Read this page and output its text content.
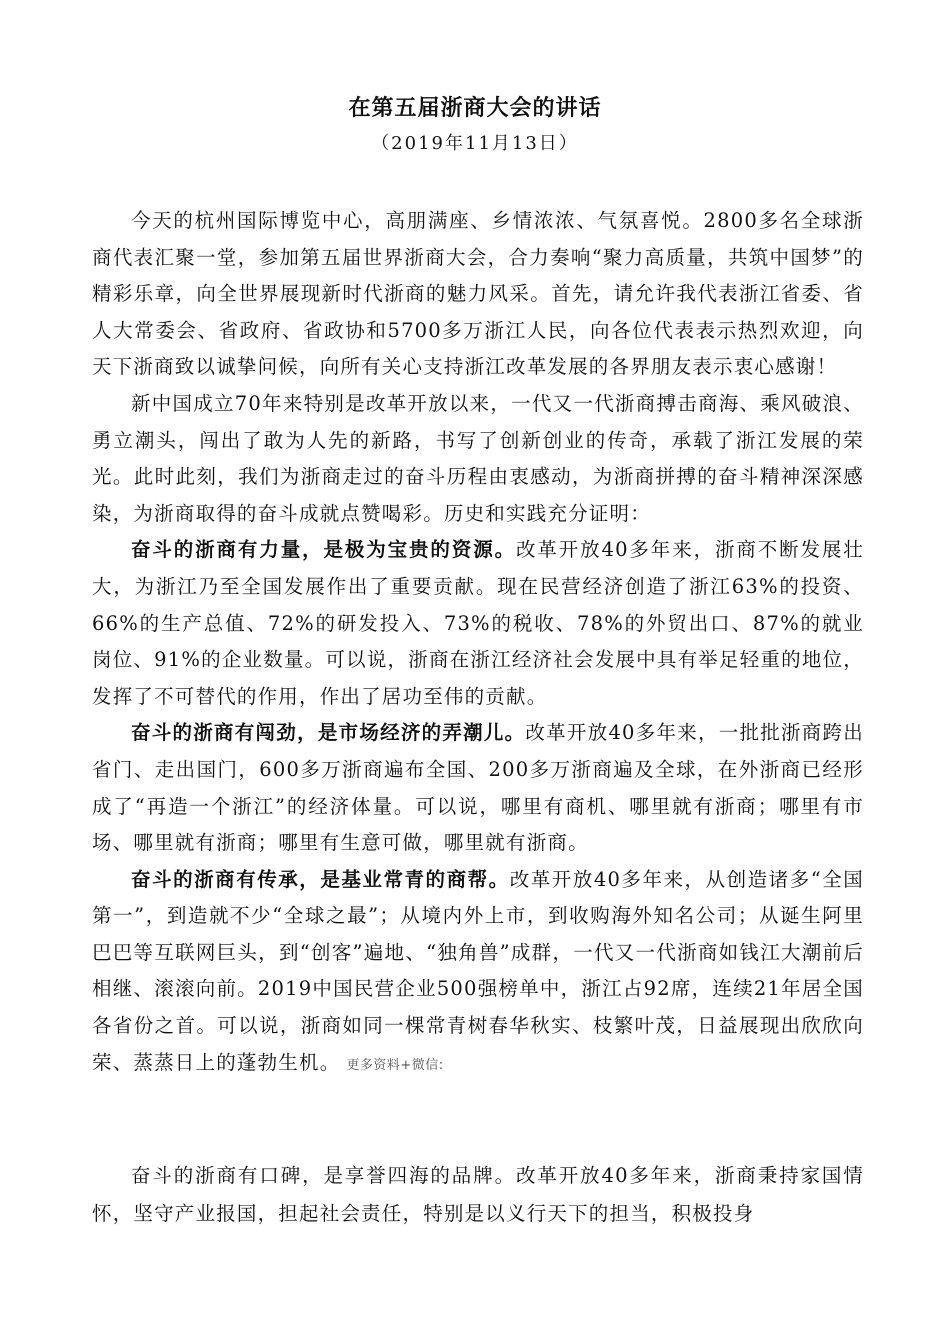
在第五届浙商大会的讲话
（2019年11月13日）

今天的杭州国际博览中心，高朋满座、乡情浓浓、气氛喜悦。2800多名全球浙商代表汇聚一堂，参加第五届世界浙商大会，合力奏响“聚力高质量，共筑中国梦”的精彩乐章，向全世界展现新时代浙商的魅力风采。首先，请允许我代表浙江省委、省人大常委会、省政府、省政协和5700多万浙江人民，向各位代表表示热烈欢迎，向天下浙商致以诚挚问候，向所有关心支持浙江改革发展的各界朋友表示衷心感谢！

新中国成立70年来特别是改革开放以来，一代又一代浙商搏击商海、乘风破浪、勇立潮头，闯出了敢为人先的新路，书写了创新创业的传奇，承载了浙江发展的荣光。此时此刻，我们为浙商走过的奋斗历程由衷感动，为浙商拼搏的奋斗精神深深感染，为浙商取得的奋斗成就点赞喝彩。历史和实践充分证明：

奋斗的浙商有力量，是极为宝贵的资源。改革开放40多年来，浙商不断发展壮大，为浙江乃至全国发展作出了重要贡献。现在民营经济创造了浙江63%的投资、66%的生产总值、72%的研发投入、73%的税收、78%的外贸出口、87%的就业岗位、91%的企业数量。可以说，浙商在浙江经济社会发展中具有举足轻重的地位，发挥了不可替代的作用，作出了居功至伟的贡献。

奋斗的浙商有闯劲，是市场经济的弄潮儿。改革开放40多年来，一批批浙商跨出省门、走出国门，600多万浙商遍布全国、200多万浙商遍及全球，在外浙商已经形成了“再造一个浙江”的经济体量。可以说，哪里有商机、哪里就有浙商；哪里有市场、哪里就有浙商；哪里有生意可做，哪里就有浙商。

奋斗的浙商有传承，是基业常青的商帮。改革开放40多年来，从创造诸多“全国第一”，到造就不少“全球之最”；从境内外上市，到收购海外知名公司；从诞生阿里巴巴等互联网巨头，到“创客”遍地、“独角兽”成群，一代又一代浙商如钱江大潮前后相继、滚滚向前。2019中国民营企业500强榜单中，浙江占92席，连续21年居全国各省份之首。可以说，浙商如同一棵常青树春华秋实、枝繁叶茂，日益展现出欣欣向荣、蒸蒸日上的蓬勃生机。 更多资料+微信:

奋斗的浙商有口碑，是享誉四海的品牌。改革开放40多年来，浙商秉持家国情怀，坚守产业报国，担起社会责任，特别是以义行天下的担当，积极投身
